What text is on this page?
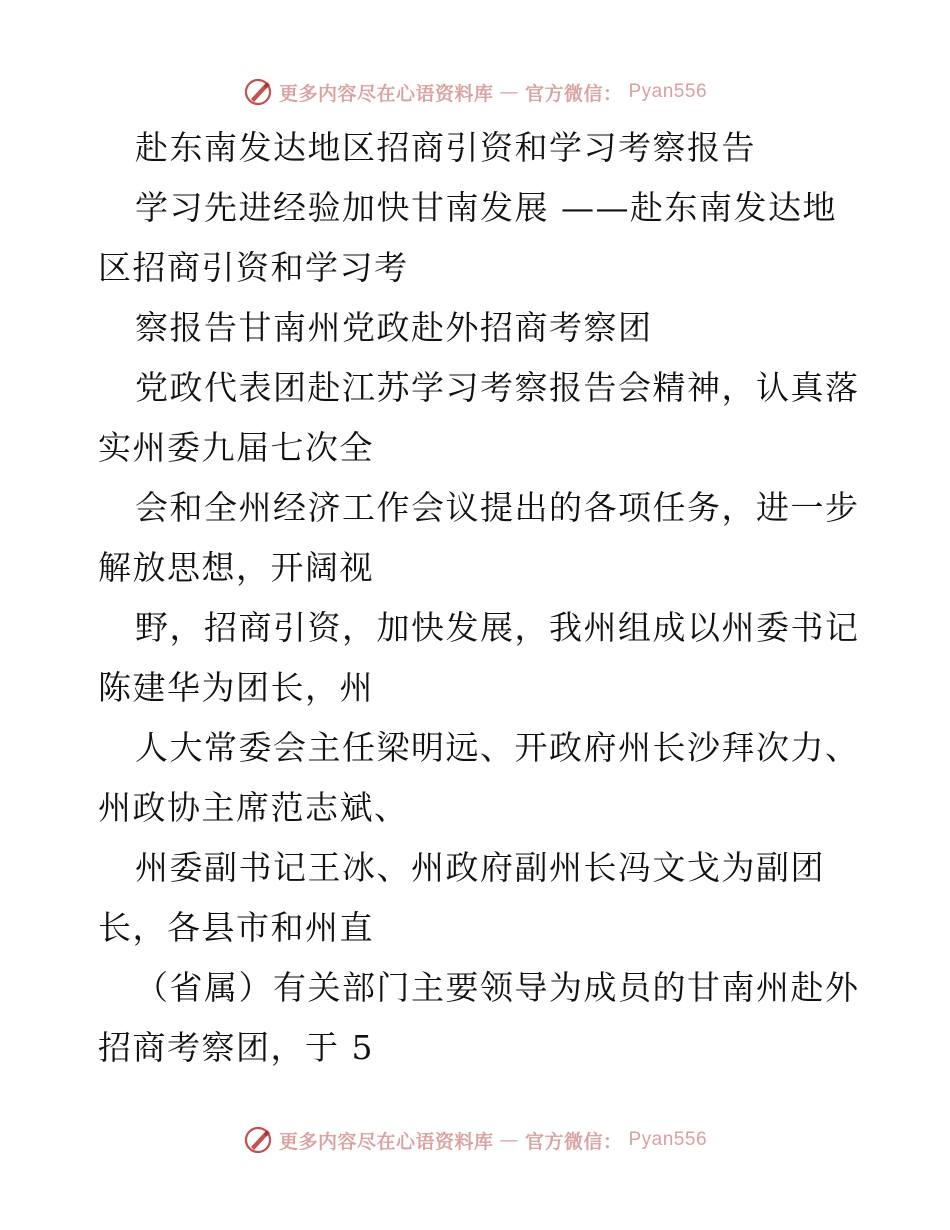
更多内容尽在心语资料库 — 官方微信： Pyan556

赴东南发达地区招商引资和学习考察报告

学习先进经验加快甘南发展 ——赴东南发达地区招商引资和学习考

察报告甘南州党政赴外招商考察团

党政代表团赴江苏学习考察报告会精神，认真落实州委九届七次全

会和全州经济工作会议提出的各项任务，进一步解放思想，开阔视

野，招商引资，加快发展，我州组成以州委书记陈建华为团长，州

人大常委会主任梁明远、开政府州长沙拜次力、州政协主席范志斌、

州委副书记王冰、州政府副州长冯文戈为副团长，各县市和州直

（省属）有关部门主要领导为成员的甘南州赴外招商考察团，于 5

更多内容尽在心语资料库 — 官方微信： Pyan556
